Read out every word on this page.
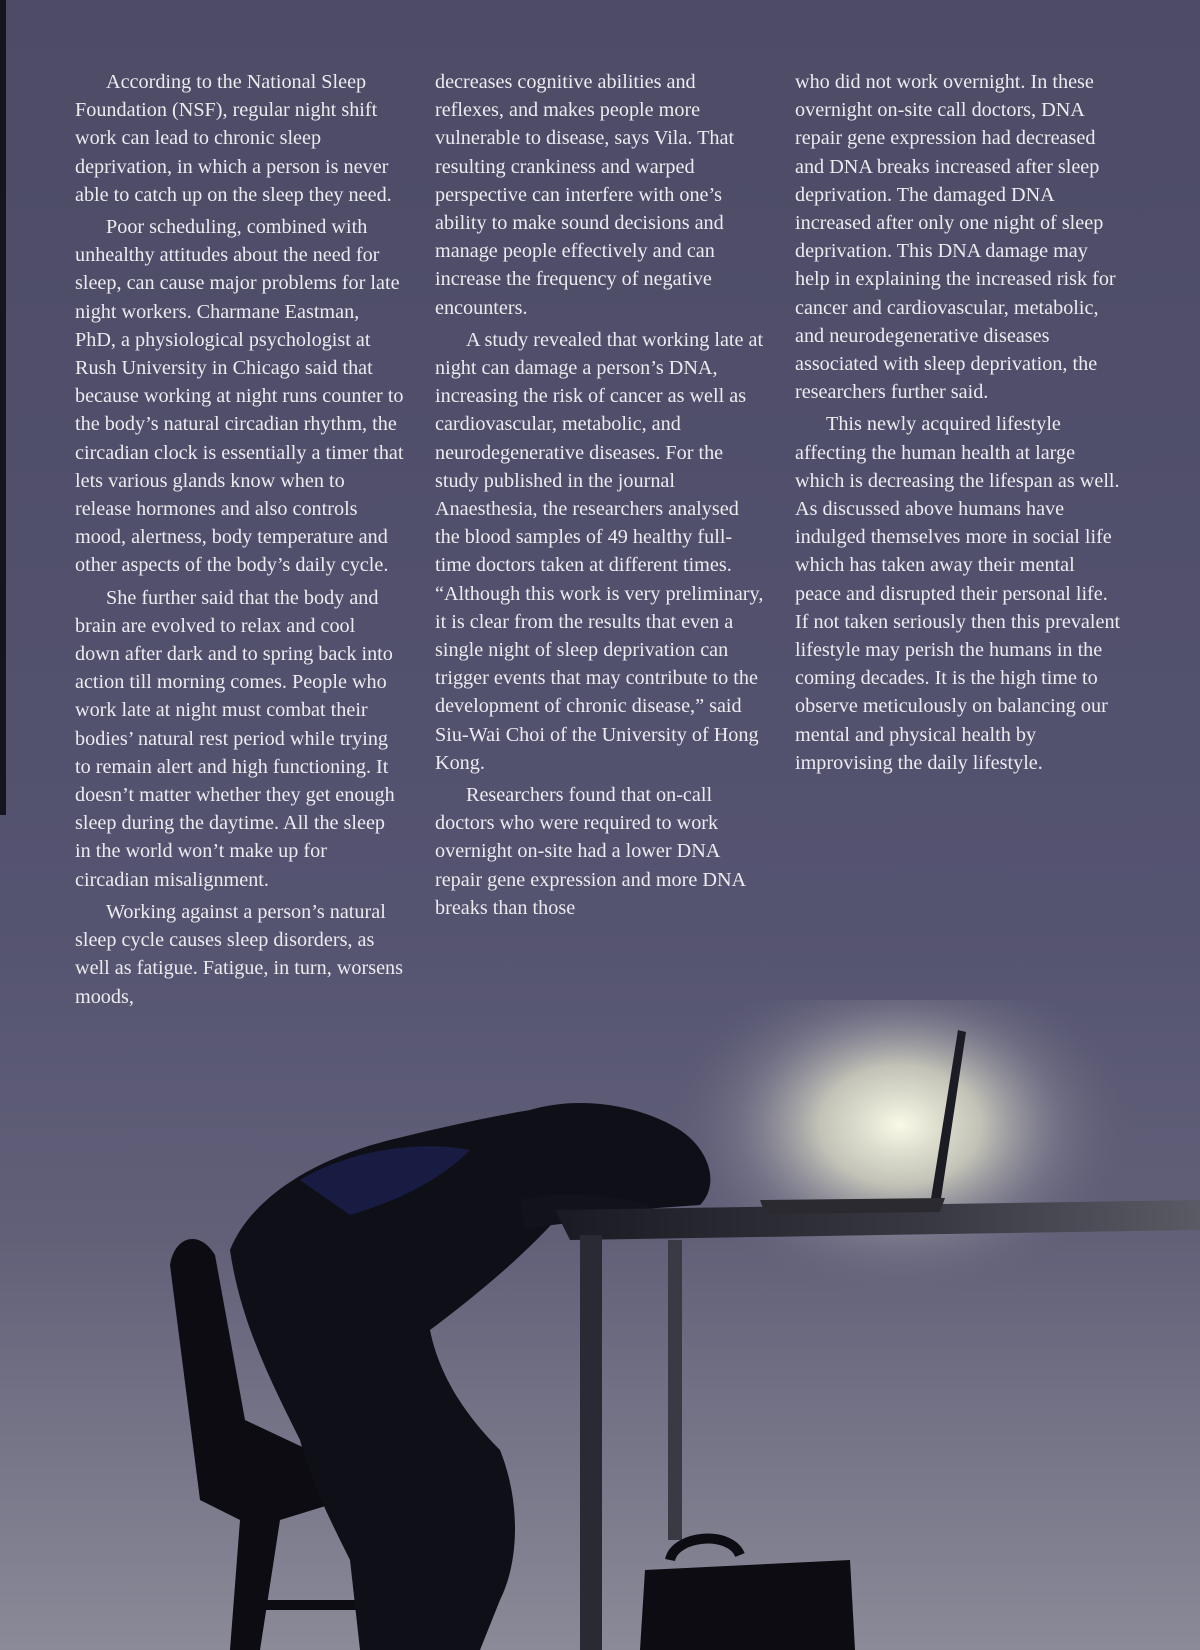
According to the National Sleep Foundation (NSF), regular night shift work can lead to chronic sleep deprivation, in which a person is never able to catch up on the sleep they need.

Poor scheduling, combined with unhealthy attitudes about the need for sleep, can cause major problems for late night workers. Charmane Eastman, PhD, a physiological psychologist at Rush University in Chicago said that because working at night runs counter to the body’s natural circadian rhythm, the circadian clock is essentially a timer that lets various glands know when to release hormones and also controls mood, alertness, body temperature and other aspects of the body’s daily cycle.

She further said that the body and brain are evolved to relax and cool down after dark and to spring back into action till morning comes. People who work late at night must combat their bodies’ natural rest period while trying to remain alert and high functioning. It doesn’t matter whether they get enough sleep during the daytime. All the sleep in the world won’t make up for circadian misalignment.

Working against a person’s natural sleep cycle causes sleep disorders, as well as fatigue. Fatigue, in turn, worsens moods,

decreases cognitive abilities and reflexes, and makes people more vulnerable to disease, says Vila. That resulting crankiness and warped perspective can interfere with one’s ability to make sound decisions and manage people effectively and can increase the frequency of negative encounters.

A study revealed that working late at night can damage a person’s DNA, increasing the risk of cancer as well as cardiovascular, metabolic, and neurodegenerative diseases. For the study published in the journal Anaesthesia, the researchers analysed the blood samples of 49 healthy full-time doctors taken at different times. “Although this work is very preliminary, it is clear from the results that even a single night of sleep deprivation can trigger events that may contribute to the development of chronic disease,” said Siu-Wai Choi of the University of Hong Kong.

Researchers found that on-call doctors who were required to work overnight on-site had a lower DNA repair gene expression and more DNA breaks than those

who did not work overnight. In these overnight on-site call doctors, DNA repair gene expression had decreased and DNA breaks increased after sleep deprivation. The damaged DNA increased after only one night of sleep deprivation. This DNA damage may help in explaining the increased risk for cancer and cardiovascular, metabolic, and neurodegenerative diseases associated with sleep deprivation, the researchers further said.

This newly acquired lifestyle affecting the human health at large which is decreasing the lifespan as well. As discussed above humans have indulged themselves more in social life which has taken away their mental peace and disrupted their personal life. If not taken seriously then this prevalent lifestyle may perish the humans in the coming decades. It is the high time to observe meticulously on balancing our mental and physical health by improvising the daily lifestyle.
